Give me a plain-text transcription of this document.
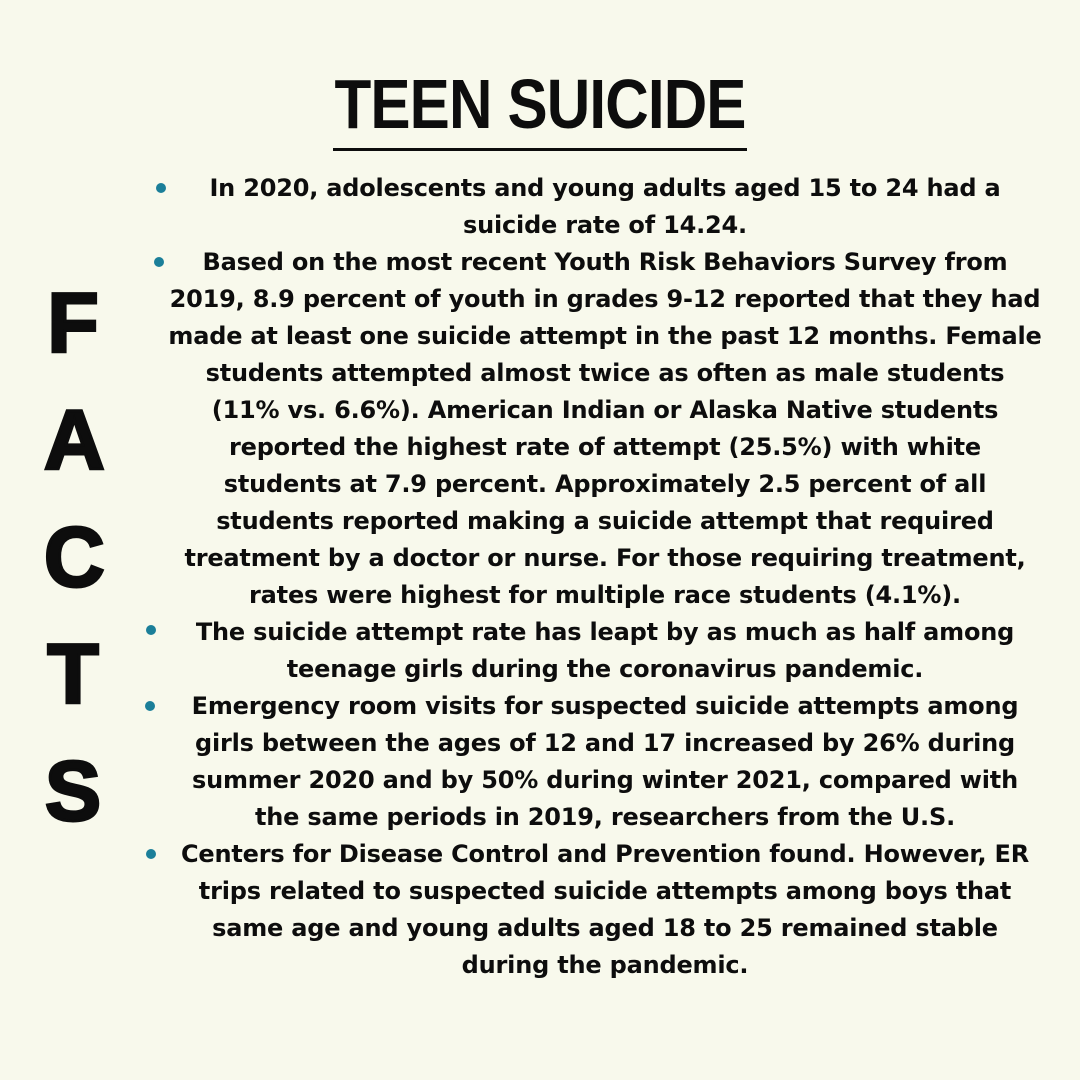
TEEN SUICIDE
F
A
C
T
S
In 2020, adolescents and young adults aged 15 to 24 had a suicide rate of 14.24.
Based on the most recent Youth Risk Behaviors Survey from 2019, 8.9 percent of youth in grades 9-12 reported that they had made at least one suicide attempt in the past 12 months. Female students attempted almost twice as often as male students (11% vs. 6.6%). American Indian or Alaska Native students reported the highest rate of attempt (25.5%) with white students at 7.9 percent. Approximately 2.5 percent of all students reported making a suicide attempt that required treatment by a doctor or nurse. For those requiring treatment, rates were highest for multiple race students (4.1%).
The suicide attempt rate has leapt by as much as half among teenage girls during the coronavirus pandemic.
Emergency room visits for suspected suicide attempts among girls between the ages of 12 and 17 increased by 26% during summer 2020 and by 50% during winter 2021, compared with the same periods in 2019, researchers from the U.S.
Centers for Disease Control and Prevention found. However, ER trips related to suspected suicide attempts among boys that same age and young adults aged 18 to 25 remained stable during the pandemic.
